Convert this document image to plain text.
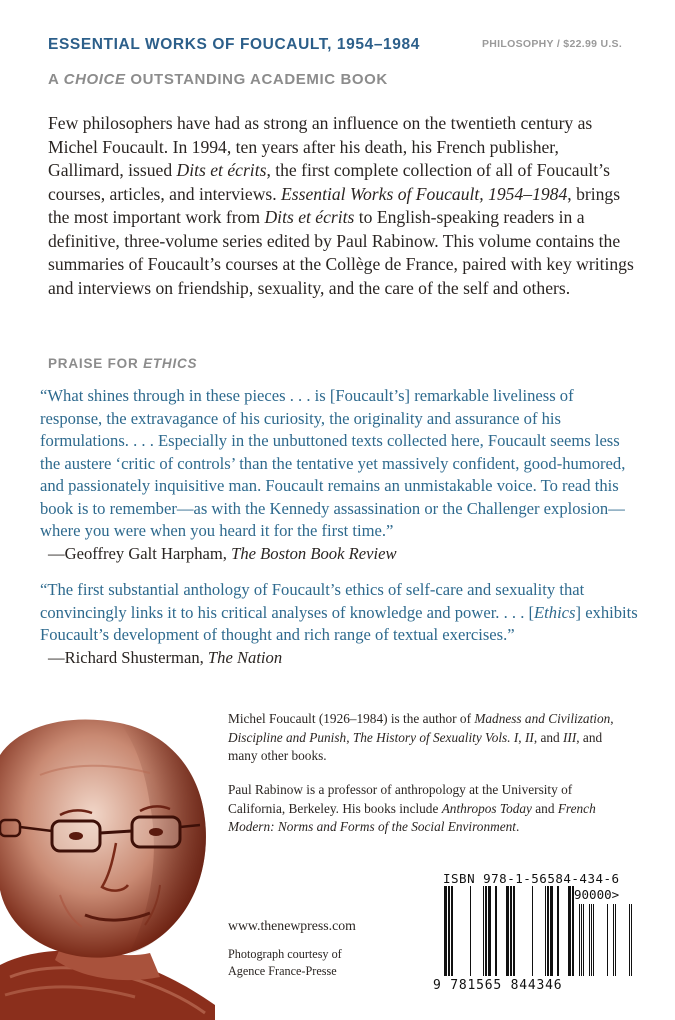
ESSENTIAL WORKS OF FOUCAULT, 1954–1984	PHILOSOPHY / $22.99 U.S.
A CHOICE OUTSTANDING ACADEMIC BOOK

Few philosophers have had as strong an influence on the twentieth century as Michel Foucault. In 1994, ten years after his death, his French publisher, Gallimard, issued Dits et écrits, the first complete collection of all of Foucault’s courses, articles, and interviews. Essential Works of Foucault, 1954–1984, brings the most important work from Dits et écrits to English-speaking readers in a definitive, three-volume series edited by Paul Rabinow. This volume contains the summaries of Foucault’s courses at the Collège de France, paired with key writings and interviews on friendship, sexuality, and the care of the self and others.

PRAISE FOR ETHICS

“What shines through in these pieces . . . is [Foucault’s] remarkable liveliness of response, the extravagance of his curiosity, the originality and assurance of his formulations. . . . Especially in the unbuttoned texts collected here, Foucault seems less the austere ‘critic of controls’ than the tentative yet massively confident, good-humored, and passionately inquisitive man. Foucault remains an unmistakable voice. To read this book is to remember—as with the Kennedy assassination or the Challenger explosion—where you were when you heard it for the first time.”
—Geoffrey Galt Harpham, The Boston Book Review

“The first substantial anthology of Foucault’s ethics of self-care and sexuality that convincingly links it to his critical analyses of knowledge and power. . . . [Ethics] exhibits Foucault’s development of thought and rich range of textual exercises.”
—Richard Shusterman, The Nation

Michel Foucault (1926–1984) is the author of Madness and Civilization, Discipline and Punish, The History of Sexuality Vols. I, II, and III, and many other books.

Paul Rabinow is a professor of anthropology at the University of California, Berkeley. His books include Anthropos Today and French Modern: Norms and Forms of the Social Environment.

www.thenewpress.com

Photograph courtesy of
Agence France-Presse

ISBN 978-1-56584-434-6
90000>
9 781565 844346
